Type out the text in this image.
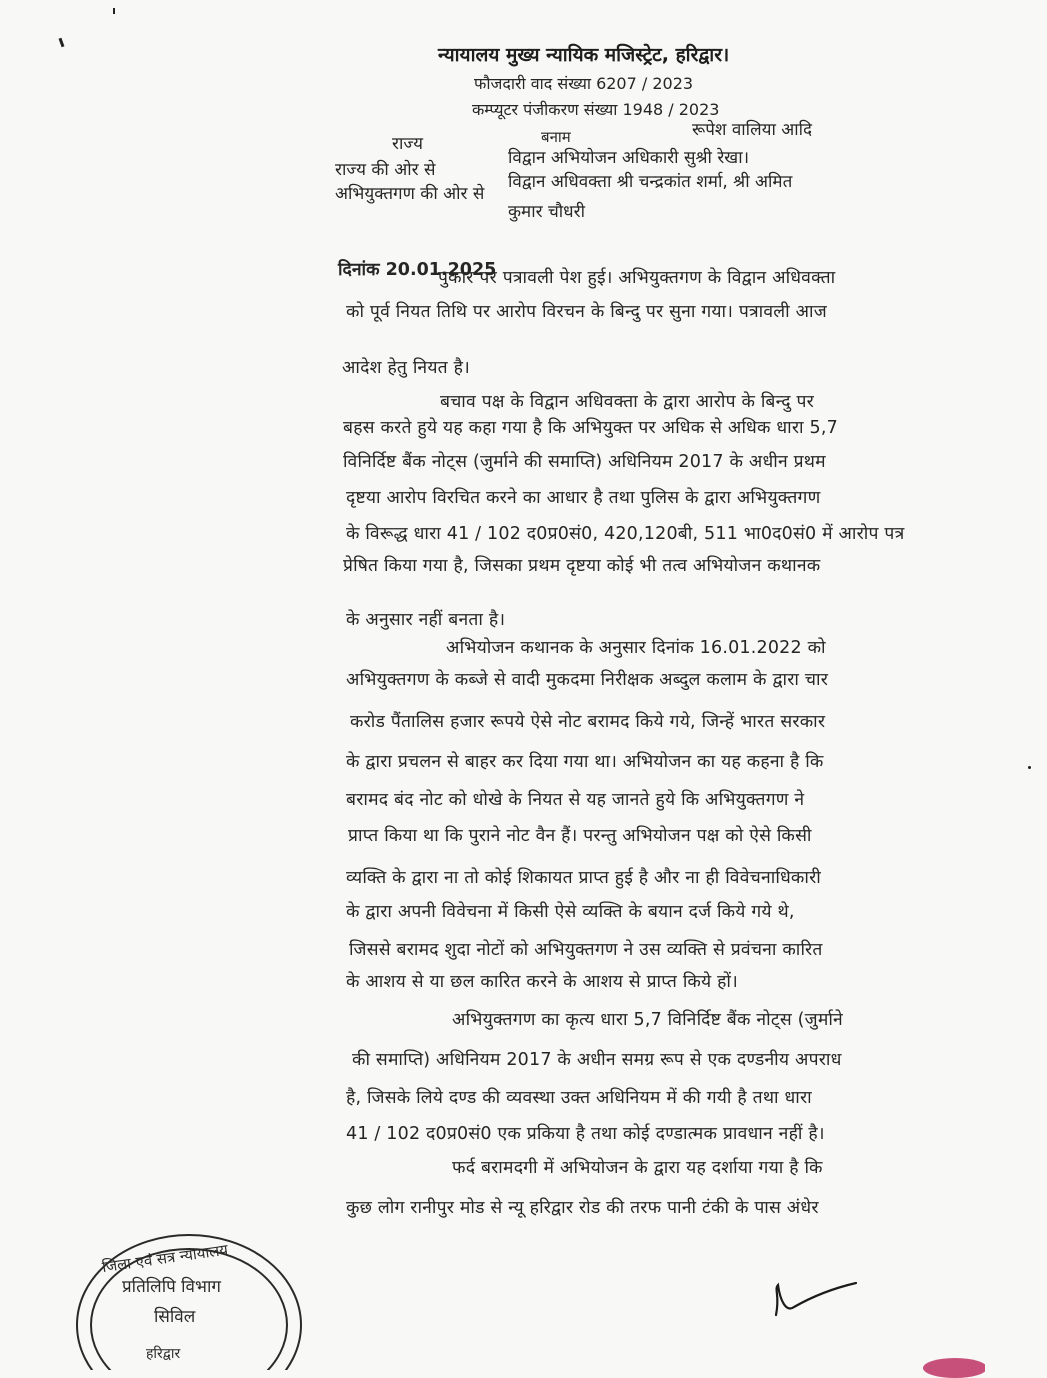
न्यायालय मुख्य न्यायिक मजिस्ट्रेट, हरिद्वार।
फौजदारी वाद संख्या 6207 / 2023
कम्प्यूटर पंजीकरण संख्या 1948 / 2023
राज्य	बनाम	रूपेश वालिया आदि
राज्य की ओर से
विद्वान अभियोजन अधिकारी सुश्री रेखा।
अभियुक्तगण की ओर से
विद्वान अधिवक्ता श्री चन्द्रकांत शर्मा, श्री अमित
कुमार चौधरी
दिनांक 20.01.2025
पुकार पर पत्रावली पेश हुई। अभियुक्तगण के विद्वान अधिवक्ता
को पूर्व नियत तिथि पर आरोप विरचन के बिन्दु पर सुना गया। पत्रावली आज
आदेश हेतु नियत है।
बचाव पक्ष के विद्वान अधिवक्ता के द्वारा आरोप के बिन्दु पर
बहस करते हुये यह कहा गया है कि अभियुक्त पर अधिक से अधिक धारा 5,7
विनिर्दिष्ट बैंक नोट्स (जुर्माने की समाप्ति) अधिनियम 2017 के अधीन प्रथम
दृष्टया आरोप विरचित करने का आधार है तथा पुलिस के द्वारा अभियुक्तगण
के विरूद्ध धारा 41 / 102 द0प्र0सं0, 420,120बी, 511 भा0द0सं0 में आरोप पत्र
प्रेषित किया गया है, जिसका प्रथम दृष्टया कोई भी तत्व अभियोजन कथानक
के अनुसार नहीं बनता है।
अभियोजन कथानक के अनुसार दिनांक 16.01.2022 को
अभियुक्तगण के कब्जे से वादी मुकदमा निरीक्षक अब्दुल कलाम के द्वारा चार
करोड पैंतालिस हजार रूपये ऐसे नोट बरामद किये गये, जिन्हें भारत सरकार
के द्वारा प्रचलन से बाहर कर दिया गया था। अभियोजन का यह कहना है कि
बरामद बंद नोट को धोखे के नियत से यह जानते हुये कि अभियुक्तगण ने
प्राप्त किया था कि पुराने नोट वैन हैं। परन्तु अभियोजन पक्ष को ऐसे किसी
व्यक्ति के द्वारा ना तो कोई शिकायत प्राप्त हुई है और ना ही विवेचनाधिकारी
के द्वारा अपनी विवेचना में किसी ऐसे व्यक्ति के बयान दर्ज किये गये थे,
जिससे बरामद शुदा नोटों को अभियुक्तगण ने उस व्यक्ति से प्रवंचना कारित
के आशय से या छल कारित करने के आशय से प्राप्त किये हों।
अभियुक्तगण का कृत्य धारा 5,7 विनिर्दिष्ट बैंक नोट्स (जुर्माने
की समाप्ति) अधिनियम 2017 के अधीन समग्र रूप से एक दण्डनीय अपराध
है, जिसके लिये दण्ड की व्यवस्था उक्त अधिनियम में की गयी है तथा धारा
41 / 102 द0प्र0सं0 एक प्रकिया है तथा कोई दण्डात्मक प्रावधान नहीं है।
फर्द बरामदगी में अभियोजन के द्वारा यह दर्शाया गया है कि
कुछ लोग रानीपुर मोड से न्यू हरिद्वार रोड की तरफ पानी टंकी के पास अंधेर
जिला एवं सत्र न्यायालय
प्रतिलिपि विभाग
सिविल
हरिद्वार
